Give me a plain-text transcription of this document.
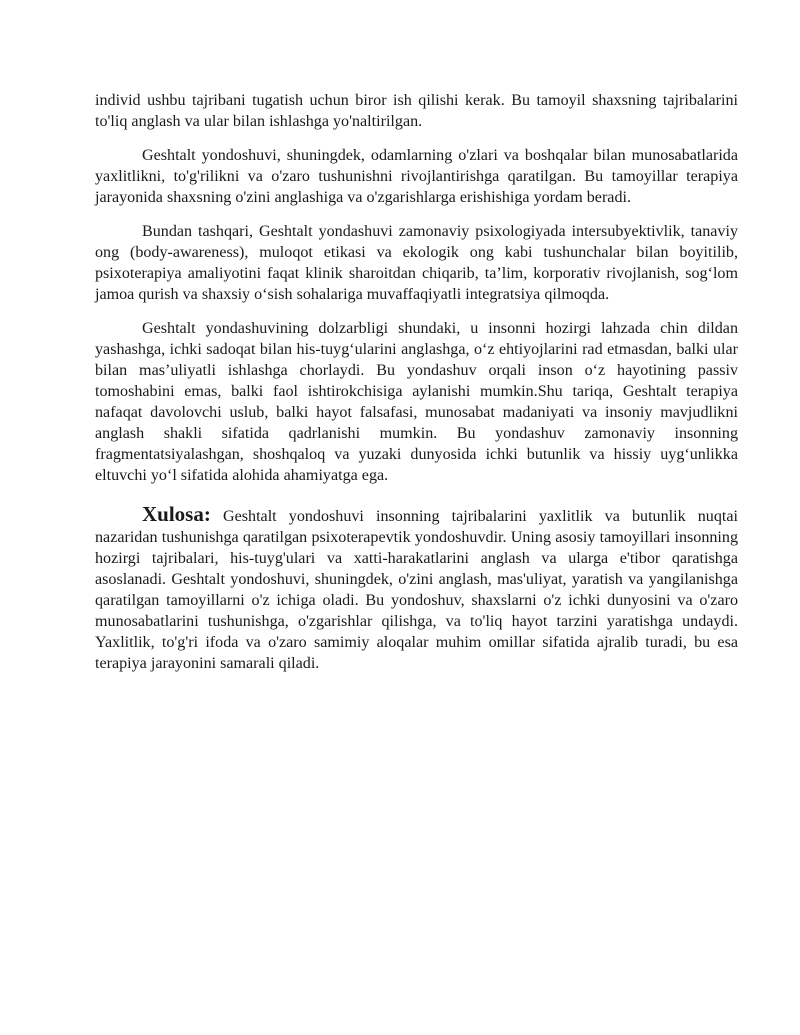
individ ushbu tajribani tugatish uchun biror ish qilishi kerak. Bu tamoyil shaxsning tajribalarini to'liq anglash va ular bilan ishlashga yo'naltirilgan.

Geshtalt yondoshuvi, shuningdek, odamlarning o'zlari va boshqalar bilan munosabatlarida yaxlitlikni, to'g'rilikni va o'zaro tushunishni rivojlantirishga qaratilgan. Bu tamoyillar terapiya jarayonida shaxsning o'zini anglashiga va o'zgarishlarga erishishiga yordam beradi.

Bundan tashqari, Geshtalt yondashuvi zamonaviy psixologiyada intersubyektivlik, tanaviy ong (body-awareness), muloqot etikasi va ekologik ong kabi tushunchalar bilan boyitilib, psixoterapiya amaliyotini faqat klinik sharoitdan chiqarib, ta’lim, korporativ rivojlanish, sog‘lom jamoa qurish va shaxsiy o‘sish sohalariga muvaffaqiyatli integratsiya qilmoqda.

Geshtalt yondashuvining dolzarbligi shundaki, u insonni hozirgi lahzada chin dildan yashashga, ichki sadoqat bilan his-tuyg‘ularini anglashga, o‘z ehtiyojlarini rad etmasdan, balki ular bilan mas’uliyatli ishlashga chorlaydi. Bu yondashuv orqali inson o‘z hayotining passiv tomoshabini emas, balki faol ishtirokchisiga aylanishi mumkin.Shu tariqa, Geshtalt terapiya nafaqat davolovchi uslub, balki hayot falsafasi, munosabat madaniyati va insoniy mavjudlikni anglash shakli sifatida qadrlanishi mumkin. Bu yondashuv zamonaviy insonning fragmentatsiyalashgan, shoshqaloq va yuzaki dunyosida ichki butunlik va hissiy uyg‘unlikka eltuvchi yo‘l sifatida alohida ahamiyatga ega.

Xulosa: Geshtalt yondoshuvi insonning tajribalarini yaxlitlik va butunlik nuqtai nazaridan tushunishga qaratilgan psixoterapevtik yondoshuvdir. Uning asosiy tamoyillari insonning hozirgi tajribalari, his-tuyg'ulari va xatti-harakatlarini anglash va ularga e'tibor qaratishga asoslanadi. Geshtalt yondoshuvi, shuningdek, o'zini anglash, mas'uliyat, yaratish va yangilanishga qaratilgan tamoyillarni o'z ichiga oladi. Bu yondoshuv, shaxslarni o'z ichki dunyosini va o'zaro munosabatlarini tushunishga, o'zgarishlar qilishga, va to'liq hayot tarzini yaratishga undaydi. Yaxlitlik, to'g'ri ifoda va o'zaro samimiy aloqalar muhim omillar sifatida ajralib turadi, bu esa terapiya jarayonini samarali qiladi.
